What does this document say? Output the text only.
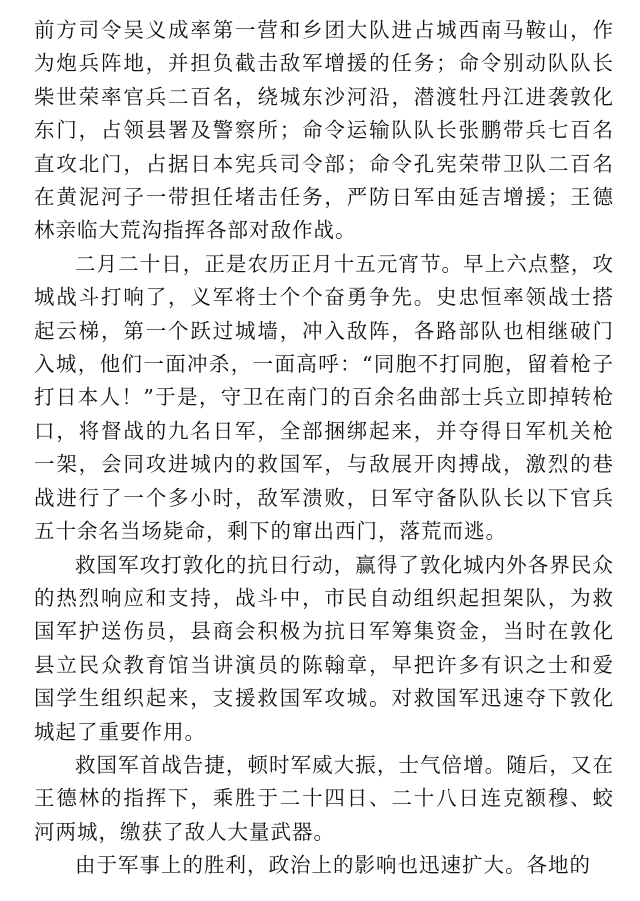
前方司令吴义成率第一营和乡团大队进占城西南马鞍山，作为炮兵阵地，并担负截击敌军增援的任务；命令别动队队长柴世荣率官兵二百名，绕城东沙河沿，潜渡牡丹江进袭敦化东门，占领县署及警察所；命令运输队队长张鹏带兵七百名直攻北门，占据日本宪兵司令部；命令孔宪荣带卫队二百名在黄泥河子一带担任堵击任务，严防日军由延吉增援；王德林亲临大荒沟指挥各部对敌作战。

二月二十日，正是农历正月十五元宵节。早上六点整，攻城战斗打响了，义军将士个个奋勇争先。史忠恒率领战士搭起云梯，第一个跃过城墙，冲入敌阵，各路部队也相继破门入城，他们一面冲杀，一面高呼：“同胞不打同胞，留着枪子打日本人！”于是，守卫在南门的百余名曲部士兵立即掉转枪口，将督战的九名日军，全部捆绑起来，并夺得日军机关枪一架，会同攻进城内的救国军，与敌展开肉搏战，激烈的巷战进行了一个多小时，敌军溃败，日军守备队队长以下官兵五十余名当场毙命，剩下的窜出西门，落荒而逃。

救国军攻打敦化的抗日行动，赢得了敦化城内外各界民众的热烈响应和支持，战斗中，市民自动组织起担架队，为救国军护送伤员，县商会积极为抗日军筹集资金，当时在敦化县立民众教育馆当讲演员的陈翰章，早把许多有识之士和爱国学生组织起来，支援救国军攻城。对救国军迅速夺下敦化城起了重要作用。

救国军首战告捷，顿时军威大振，士气倍增。随后，又在王德林的指挥下，乘胜于二十四日、二十八日连克额穆、蛟河两城，缴获了敌人大量武器。

由于军事上的胜利，政治上的影响也迅速扩大。各地的
